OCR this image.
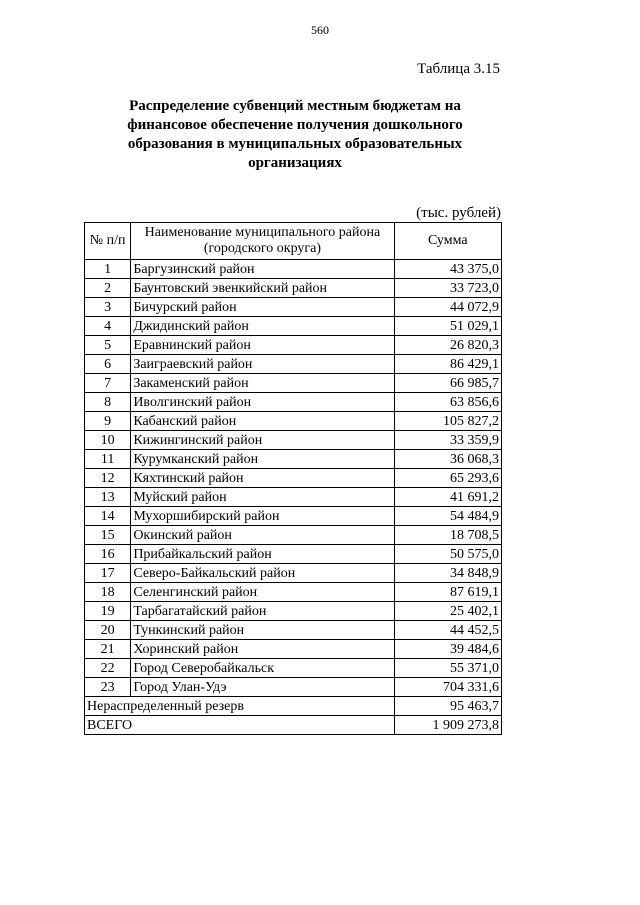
560
Таблица 3.15
Распределение субвенций местным бюджетам на финансовое обеспечение получения дошкольного образования в муниципальных образовательных организациях
(тыс. рублей)
№ п/п	Наименование муниципального района (городского округа)	Сумма
1	Баргузинский район	43 375,0
2	Баунтовский эвенкийский район	33 723,0
3	Бичурский район	44 072,9
4	Джидинский район	51 029,1
5	Еравнинский район	26 820,3
6	Заиграевский район	86 429,1
7	Закаменский район	66 985,7
8	Иволгинский район	63 856,6
9	Кабанский район	105 827,2
10	Кижингинский район	33 359,9
11	Курумканский район	36 068,3
12	Кяхтинский район	65 293,6
13	Муйский район	41 691,2
14	Мухоршибирский район	54 484,9
15	Окинский район	18 708,5
16	Прибайкальский район	50 575,0
17	Северо-Байкальский район	34 848,9
18	Селенгинский район	87 619,1
19	Тарбагатайский район	25 402,1
20	Тункинский район	44 452,5
21	Хоринский район	39 484,6
22	Город Северобайкальск	55 371,0
23	Город Улан-Удэ	704 331,6
Нераспределенный резерв		95 463,7
ВСЕГО		1 909 273,8
